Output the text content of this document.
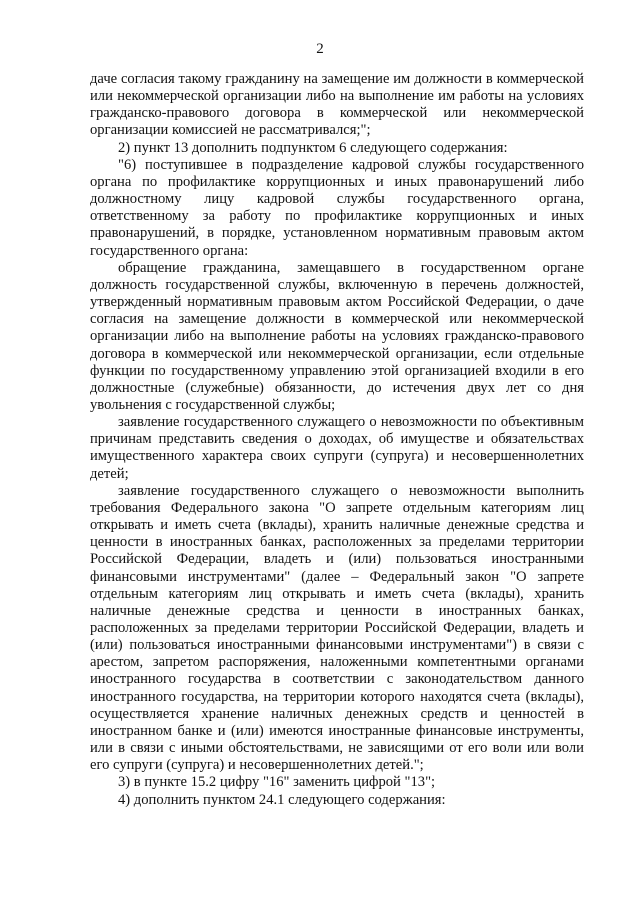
2

даче согласия такому гражданину на замещение им должности в коммерческой или некоммерческой организации либо на выполнение им работы на условиях гражданско-правового договора в коммерческой или некоммерческой организации комиссией не рассматривался;";

2) пункт 13 дополнить подпунктом 6 следующего содержания:

"6) поступившее в подразделение кадровой службы государственного органа по профилактике коррупционных и иных правонарушений либо должностному лицу кадровой службы государственного органа, ответственному за работу по профилактике коррупционных и иных правонарушений, в порядке, установленном нормативным правовым актом государственного органа:

обращение гражданина, замещавшего в государственном органе должность государственной службы, включенную в перечень должностей, утвержденный нормативным правовым актом Российской Федерации, о даче согласия на замещение должности в коммерческой или некоммерческой организации либо на выполнение работы на условиях гражданско-правового договора в коммерческой или некоммерческой организации, если отдельные функции по государственному управлению этой организацией входили в его должностные (служебные) обязанности, до истечения двух лет со дня увольнения с государственной службы;

заявление государственного служащего о невозможности по объективным причинам представить сведения о доходах, об имуществе и обязательствах имущественного характера своих супруги (супруга) и несовершеннолетних детей;

заявление государственного служащего о невозможности выполнить требования Федерального закона "О запрете отдельным категориям лиц открывать и иметь счета (вклады), хранить наличные денежные средства и ценности в иностранных банках, расположенных за пределами территории Российской Федерации, владеть и (или) пользоваться иностранными финансовыми инструментами" (далее – Федеральный закон "О запрете отдельным категориям лиц открывать и иметь счета (вклады), хранить наличные денежные средства и ценности в иностранных банках, расположенных за пределами территории Российской Федерации, владеть и (или) пользоваться иностранными финансовыми инструментами") в связи с арестом, запретом распоряжения, наложенными компетентными органами иностранного государства в соответствии с законодательством данного иностранного государства, на территории которого находятся счета (вклады), осуществляется хранение наличных денежных средств и ценностей в иностранном банке и (или) имеются иностранные финансовые инструменты, или в связи с иными обстоятельствами, не зависящими от его воли или воли его супруги (супруга) и несовершеннолетних детей.";

3) в пункте 15.2 цифру "16" заменить цифрой "13";

4) дополнить пунктом 24.1 следующего содержания:
